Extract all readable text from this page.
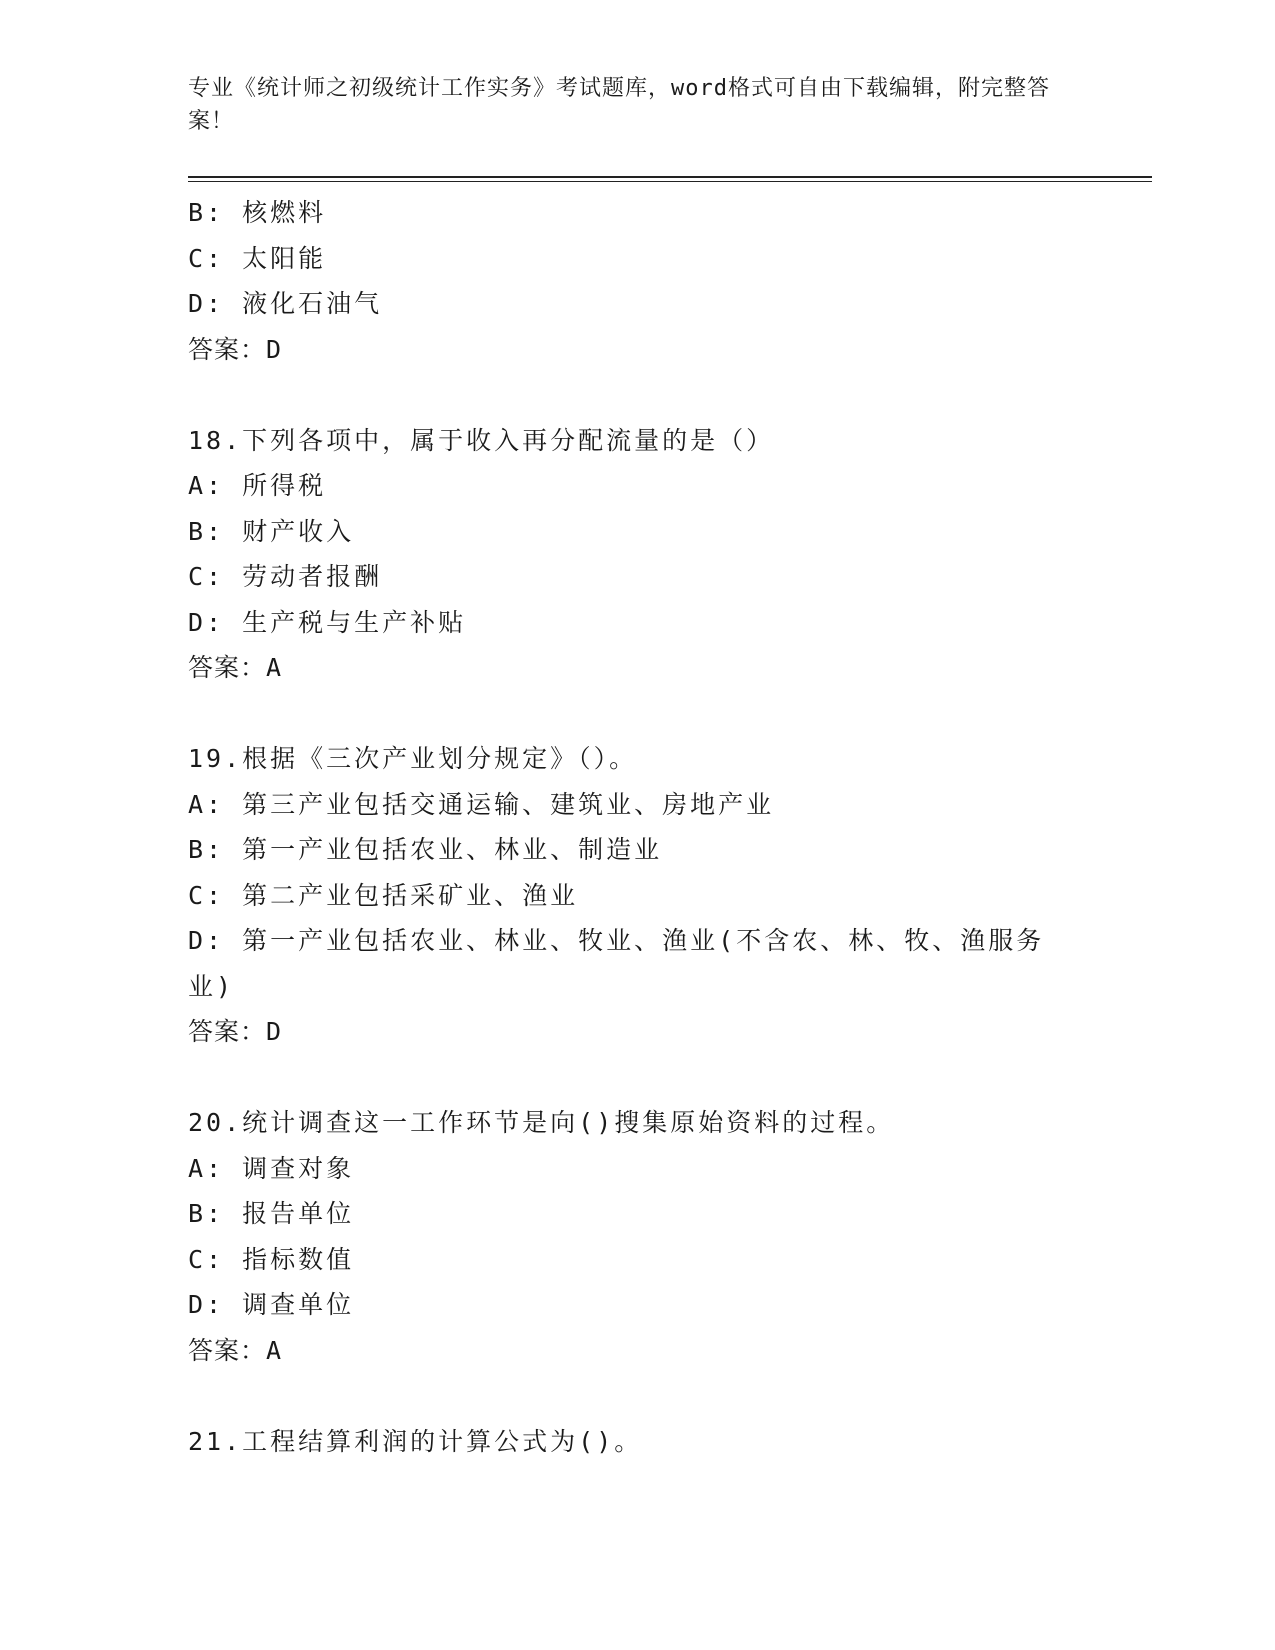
专业《统计师之初级统计工作实务》考试题库，word格式可自由下载编辑，附完整答案！
B: 核燃料
C: 太阳能
D: 液化石油气
答案：D
18.下列各项中，属于收入再分配流量的是（）
A: 所得税
B: 财产收入
C: 劳动者报酬
D: 生产税与生产补贴
答案：A
19.根据《三次产业划分规定》（）。
A: 第三产业包括交通运输、建筑业、房地产业
B: 第一产业包括农业、林业、制造业
C: 第二产业包括采矿业、渔业
D: 第一产业包括农业、林业、牧业、渔业(不含农、林、牧、渔服务业)
答案：D
20.统计调查这一工作环节是向()搜集原始资料的过程。
A: 调查对象
B: 报告单位
C: 指标数值
D: 调查单位
答案：A
21.工程结算利润的计算公式为()。
